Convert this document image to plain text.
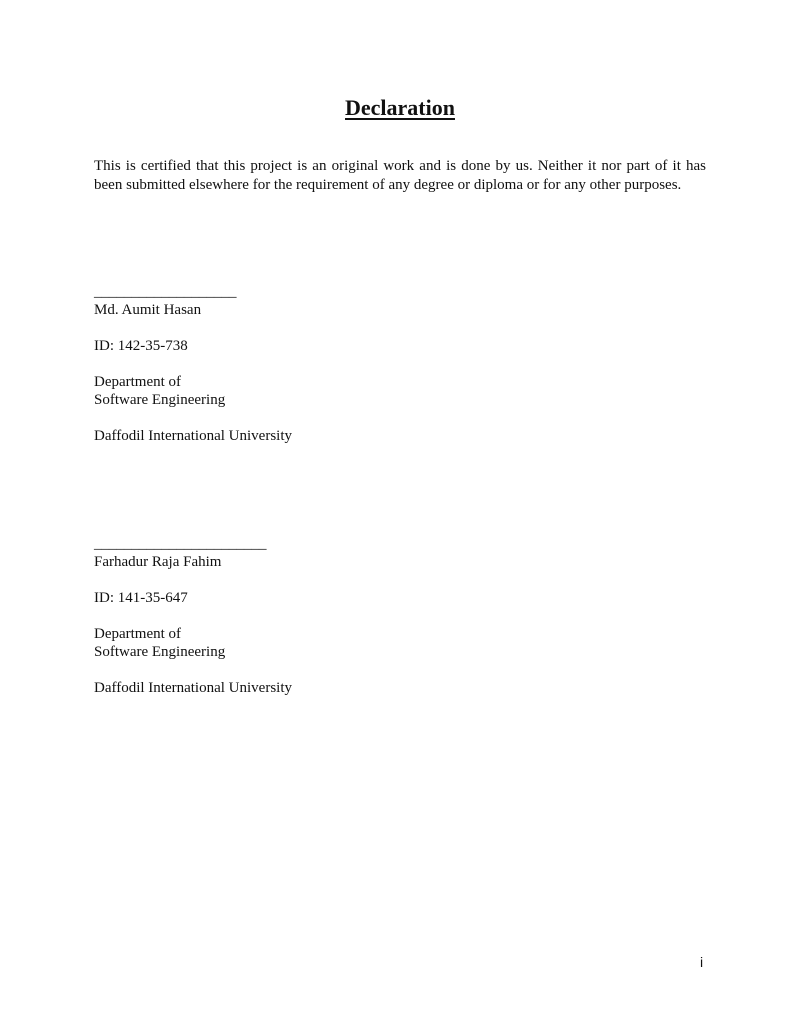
Declaration

This is certified that this project is an original work and is done by us. Neither it nor part of it has been submitted elsewhere for the requirement of any degree or diploma or for any other purposes.

___________________
Md. Aumit Hasan
ID: 142-35-738
Department of
Software Engineering
Daffodil International University
_______________________
Farhadur Raja Fahim
ID: 141-35-647
Department of
Software Engineering
Daffodil International University
i
